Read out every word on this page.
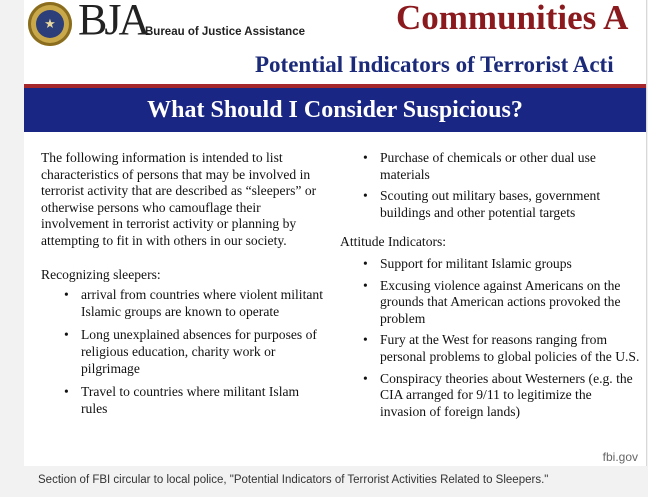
★ BJA
Bureau of Justice Assistance	Communities A
Potential Indicators of Terrorist Acti
What Should I Consider Suspicious?

The following information is intended to list characteristics of persons that may be involved in terrorist activity that are described as “sleepers” or otherwise persons who camouflage their involvement in terrorist activity or planning by attempting to fit in with others in our society.

Recognizing sleepers:

• arrival from countries where violent militant Islamic groups are known to operate
• Long unexplained absences for purposes of religious education, charity work or pilgrimage
• Travel to countries where militant Islam rules
• Purchase of chemicals or other dual use materials
• Scouting out military bases, government buildings and other potential targets

Attitude Indicators:

• Support for militant Islamic groups
• Excusing violence against Americans on the grounds that American actions provoked the problem
• Fury at the West for reasons ranging from personal problems to global policies of the U.S.
• Conspiracy theories about Westerners (e.g. the CIA arranged for 9/11 to legitimize the invasion of foreign lands)
fbi.gov
Section of FBI circular to local police, "Potential Indicators of Terrorist Activities Related to Sleepers."
